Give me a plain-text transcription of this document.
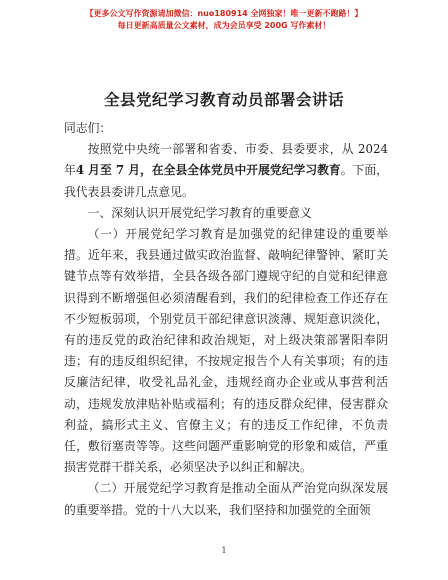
【更多公文写作资源请加微信：nuo180914 全网独家！唯一更新不跑路！】
每日更新高质量公文素材，成为会员享受 200G 写作素材！
全县党纪学习教育动员部署会讲话

同志们：

按照党中央统一部署和省委、市委、县委要求，从 2024 年4 月至 7 月，在全县全体党员中开展党纪学习教育。下面，我代表县委讲几点意见。

一、深刻认识开展党纪学习教育的重要意义

（一）开展党纪学习教育是加强党的纪律建设的重要举措。近年来，我县通过做实政治监督、敲响纪律警钟、紧盯关键节点等有效举措，全县各级各部门遵规守纪的自觉和纪律意识得到不断增强但必须清醒看到，我们的纪律检查工作还存在不少短板弱项，个别党员干部纪律意识淡薄、规矩意识淡化，有的违反党的政治纪律和政治规矩，对上级决策部署阳奉阴违；有的违反组织纪律，不按规定报告个人有关事项；有的违反廉洁纪律，收受礼品礼金，违规经商办企业或从事营利活动，违规发放津贴补贴或福利；有的违反群众纪律，侵害群众利益，搞形式主义、官僚主义；有的违反工作纪律，不负责任，敷衍塞责等等。这些问题严重影响党的形象和威信，严重损害党群干群关系，必须坚决予以纠正和解决。

（二）开展党纪学习教育是推动全面从严治党向纵深发展的重要举措。党的十八大以来，我们坚持和加强党的全面领

1
